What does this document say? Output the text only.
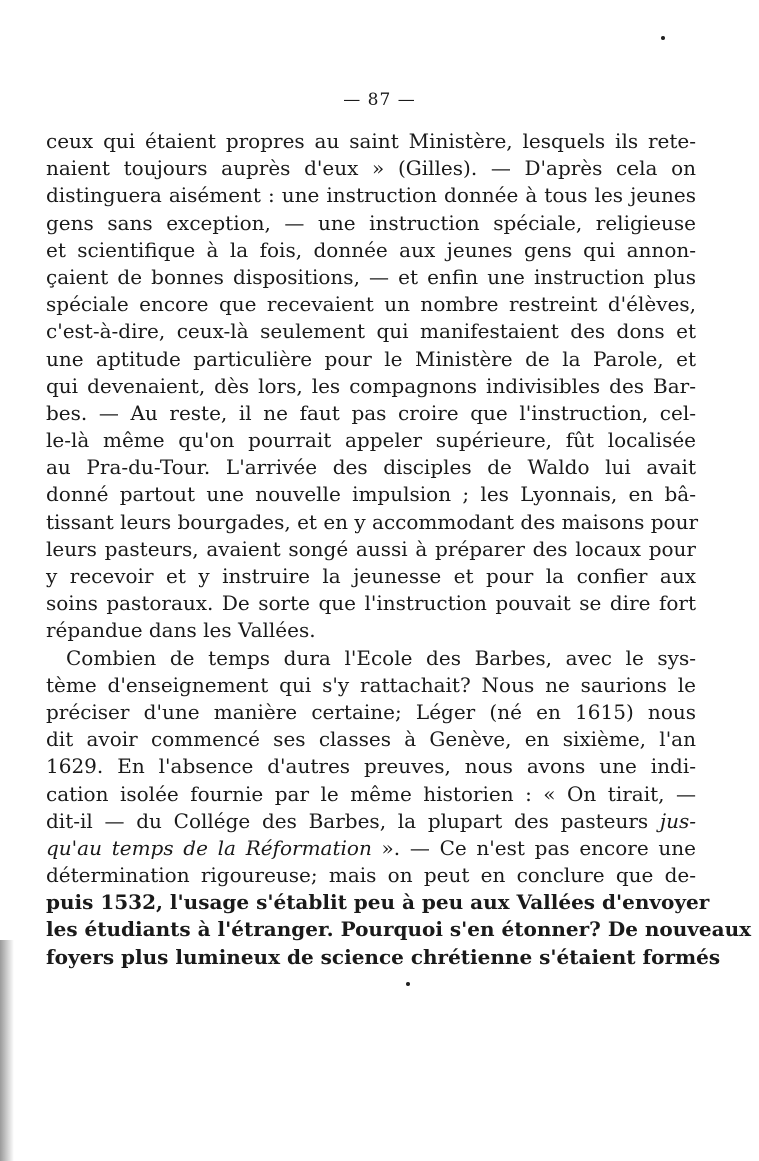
— 87 —
ceux qui étaient propres au saint Ministère, lesquels ils rete-
naient toujours auprès d'eux » (Gilles). — D'après cela on
distinguera aisément : une instruction donnée à tous les jeunes
gens sans exception, — une instruction spéciale, religieuse
et scientifique à la fois, donnée aux jeunes gens qui annon-
çaient de bonnes dispositions, — et enfin une instruction plus
spéciale encore que recevaient un nombre restreint d'élèves,
c'est-à-dire, ceux-là seulement qui manifestaient des dons et
une aptitude particulière pour le Ministère de la Parole, et
qui devenaient, dès lors, les compagnons indivisibles des Bar-
bes. — Au reste, il ne faut pas croire que l'instruction, cel-
le-là même qu'on pourrait appeler supérieure, fût localisée
au Pra-du-Tour. L'arrivée des disciples de Waldo lui avait
donné partout une nouvelle impulsion ; les Lyonnais, en bâ-
tissant leurs bourgades, et en y accommodant des maisons pour
leurs pasteurs, avaient songé aussi à préparer des locaux pour
y recevoir et y instruire la jeunesse et pour la confier aux
soins pastoraux. De sorte que l'instruction pouvait se dire fort
répandue dans les Vallées.
Combien de temps dura l'Ecole des Barbes, avec le sys-
tème d'enseignement qui s'y rattachait? Nous ne saurions le
préciser d'une manière certaine; Léger (né en 1615) nous
dit avoir commencé ses classes à Genève, en sixième, l'an
1629. En l'absence d'autres preuves, nous avons une indi-
cation isolée fournie par le même historien : « On tirait, —
dit-il — du Collége des Barbes, la plupart des pasteurs jus-
qu'au temps de la Réformation ». — Ce n'est pas encore une
détermination rigoureuse; mais on peut en conclure que de-
puis 1532, l'usage s'établit peu à peu aux Vallées d'envoyer
les étudiants à l'étranger. Pourquoi s'en étonner? De nouveaux
foyers plus lumineux de science chrétienne s'étaient formés
